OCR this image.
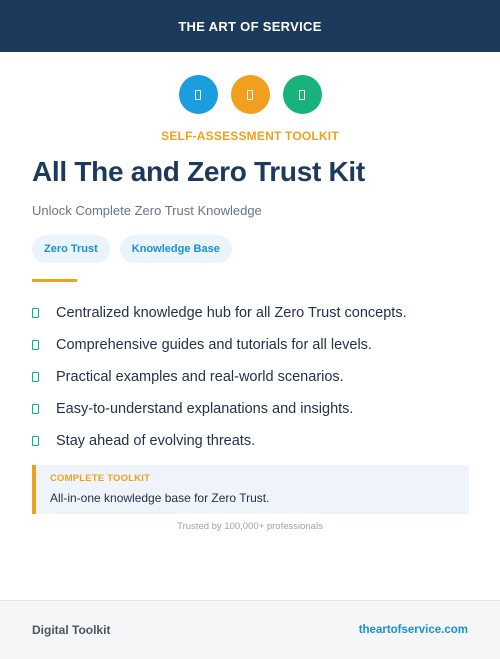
THE ART OF SERVICE
SELF-ASSESSMENT TOOLKIT
All The and Zero Trust Kit
Unlock Complete Zero Trust Knowledge
Zero Trust	Knowledge Base
Centralized knowledge hub for all Zero Trust concepts.
Comprehensive guides and tutorials for all levels.
Practical examples and real-world scenarios.
Easy-to-understand explanations and insights.
Stay ahead of evolving threats.
COMPLETE TOOLKIT
All-in-one knowledge base for Zero Trust.
Trusted by 100,000+ professionals
Digital Toolkit	theartofservice.com
